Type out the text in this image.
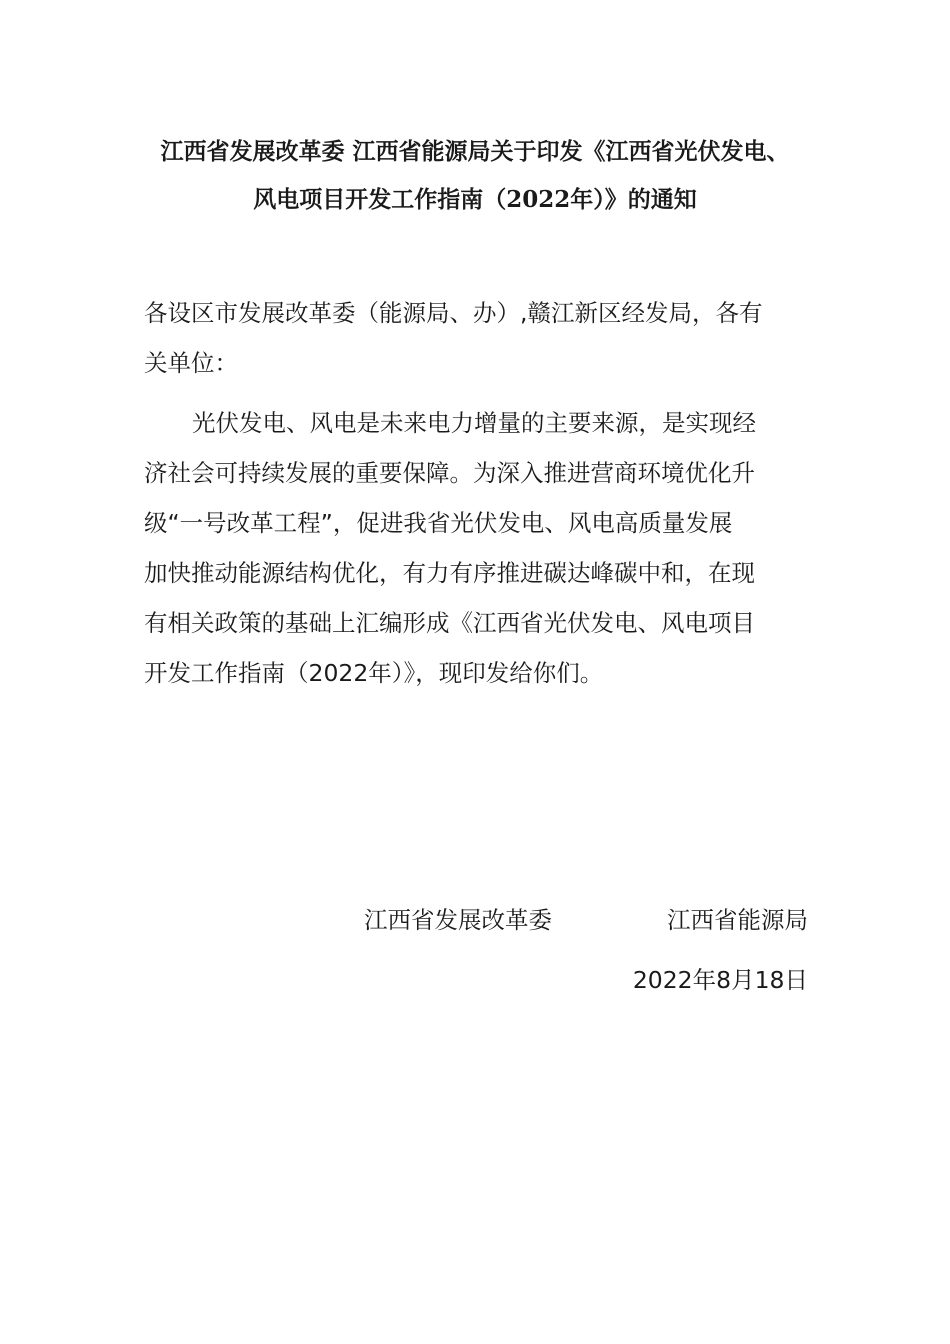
江西省发展改革委 江西省能源局关于印发《江西省光伏发电、
风电项目开发工作指南（2022年）》的通知
各设区市发展改革委（能源局、办）,赣江新区经发局，各有
关单位：
光伏发电、风电是未来电力增量的主要来源，是实现经
济社会可持续发展的重要保障。为深入推进营商环境优化升
级“一号改革工程”，促进我省光伏发电、风电高质量发展
加快推动能源结构优化，有力有序推进碳达峰碳中和，在现
有相关政策的基础上汇编形成《江西省光伏发电、风电项目
开发工作指南（2022年）》，现印发给你们。
江西省发展改革委	江西省能源局
2022年8月18日
